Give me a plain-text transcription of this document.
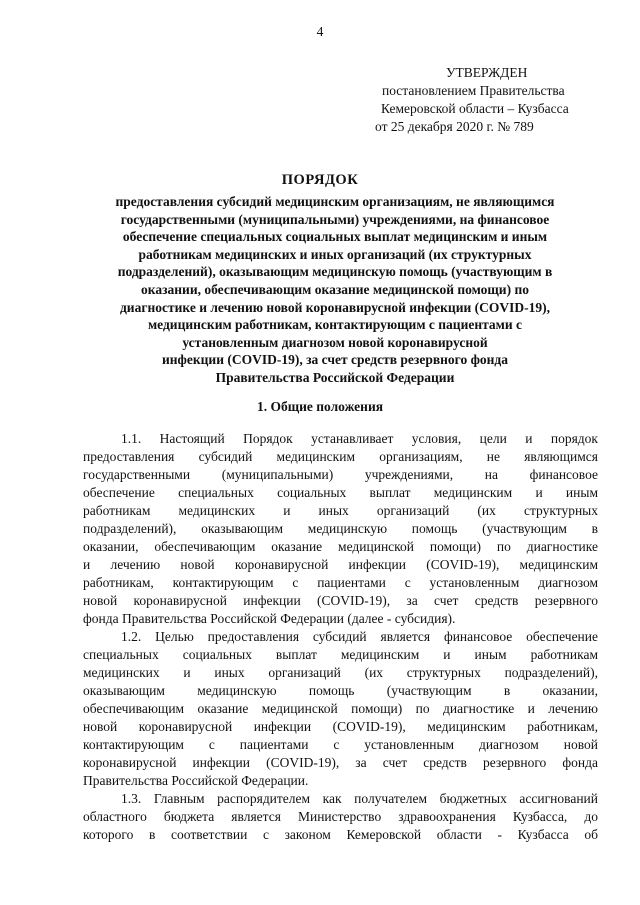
4
УТВЕРЖДЕН
постановлением Правительства
Кемеровской области – Кузбасса
от 25 декабря 2020 г. № 789
ПОРЯДОК
предоставления субсидий медицинским организациям, не являющимся
государственными (муниципальными) учреждениями, на финансовое
обеспечение специальных социальных выплат медицинским и иным
работникам медицинских и иных организаций (их структурных
подразделений), оказывающим медицинскую помощь (участвующим в
оказании, обеспечивающим оказание медицинской помощи) по
диагностике и лечению новой коронавирусной инфекции (COVID-19),
медицинским работникам, контактирующим с пациентами с
установленным диагнозом новой коронавирусной
инфекции (COVID-19), за счет средств резервного фонда
Правительства Российской Федерации
1. Общие положения
1.1. Настоящий Порядок устанавливает условия, цели и порядок
предоставления субсидий медицинским организациям, не являющимся
государственными (муниципальными) учреждениями, на финансовое
обеспечение специальных социальных выплат медицинским и иным
работникам медицинских и иных организаций (их структурных
подразделений), оказывающим медицинскую помощь (участвующим в
оказании, обеспечивающим оказание медицинской помощи) по диагностике
и лечению новой коронавирусной инфекции (COVID-19), медицинским
работникам, контактирующим с пациентами с установленным диагнозом
новой коронавирусной инфекции (COVID-19), за счет средств резервного
фонда Правительства Российской Федерации (далее - субсидия).
1.2. Целью предоставления субсидий является финансовое обеспечение
специальных социальных выплат медицинским и иным работникам
медицинских и иных организаций (их структурных подразделений),
оказывающим медицинскую помощь (участвующим в оказании,
обеспечивающим оказание медицинской помощи) по диагностике и лечению
новой коронавирусной инфекции (COVID-19), медицинским работникам,
контактирующим с пациентами с установленным диагнозом новой
коронавирусной инфекции (COVID-19), за счет средств резервного фонда
Правительства Российской Федерации.
1.3. Главным распорядителем как получателем бюджетных ассигнований
областного бюджета является Министерство здравоохранения Кузбасса, до
которого в соответствии с законом Кемеровской области - Кузбасса об
